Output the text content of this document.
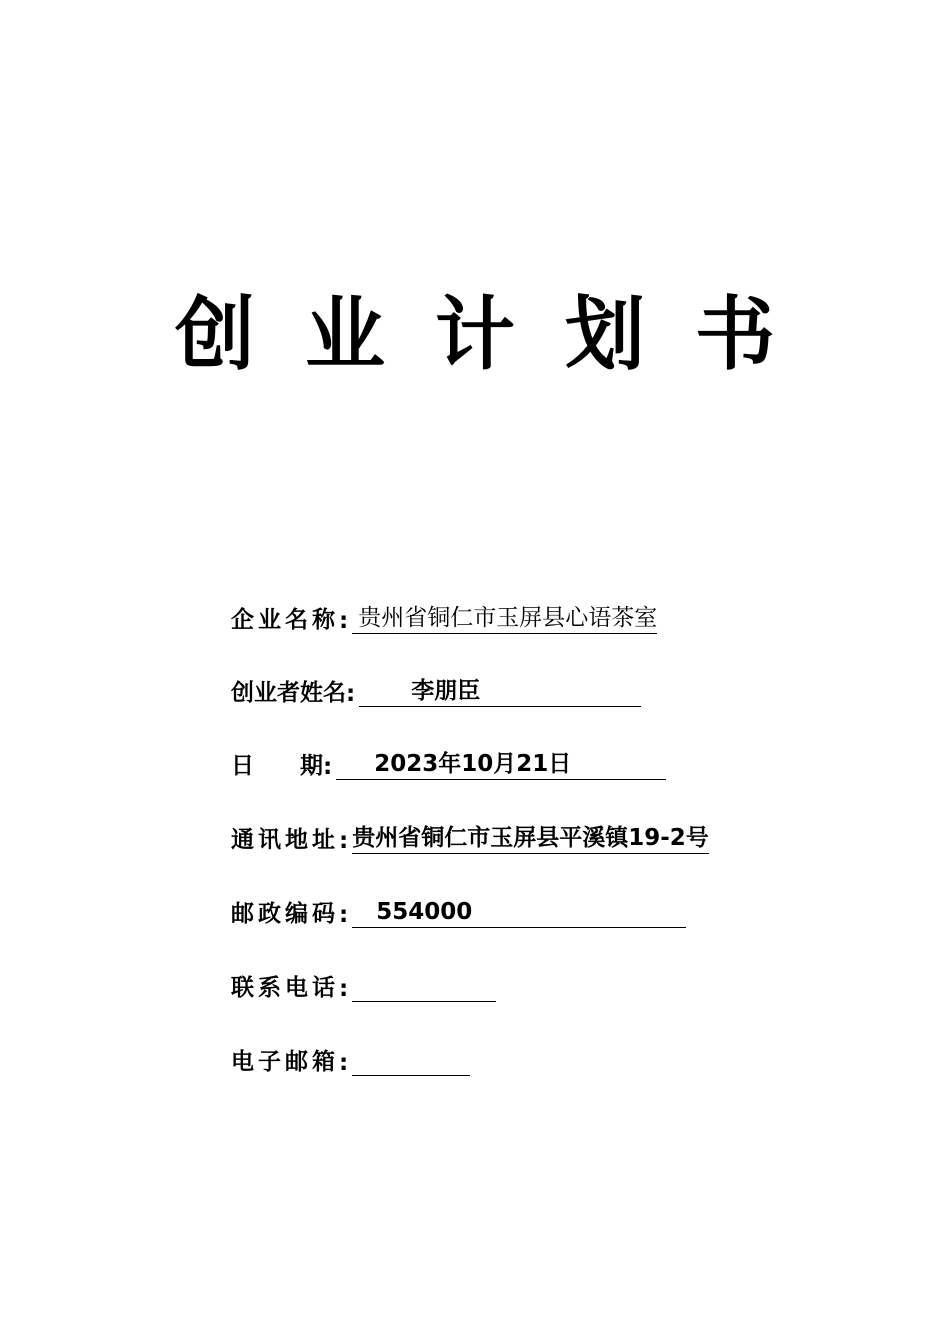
创 业 计 划 书
企业名称 : 贵州省铜仁市玉屏县心语茶室
创业者姓名 :	李朋臣
日 期 :	2023年10月21日
通讯地址 : 贵州省铜仁市玉屏县平溪镇19-2号
邮政编码 :	554000
联系电话 :
电子邮箱 :
